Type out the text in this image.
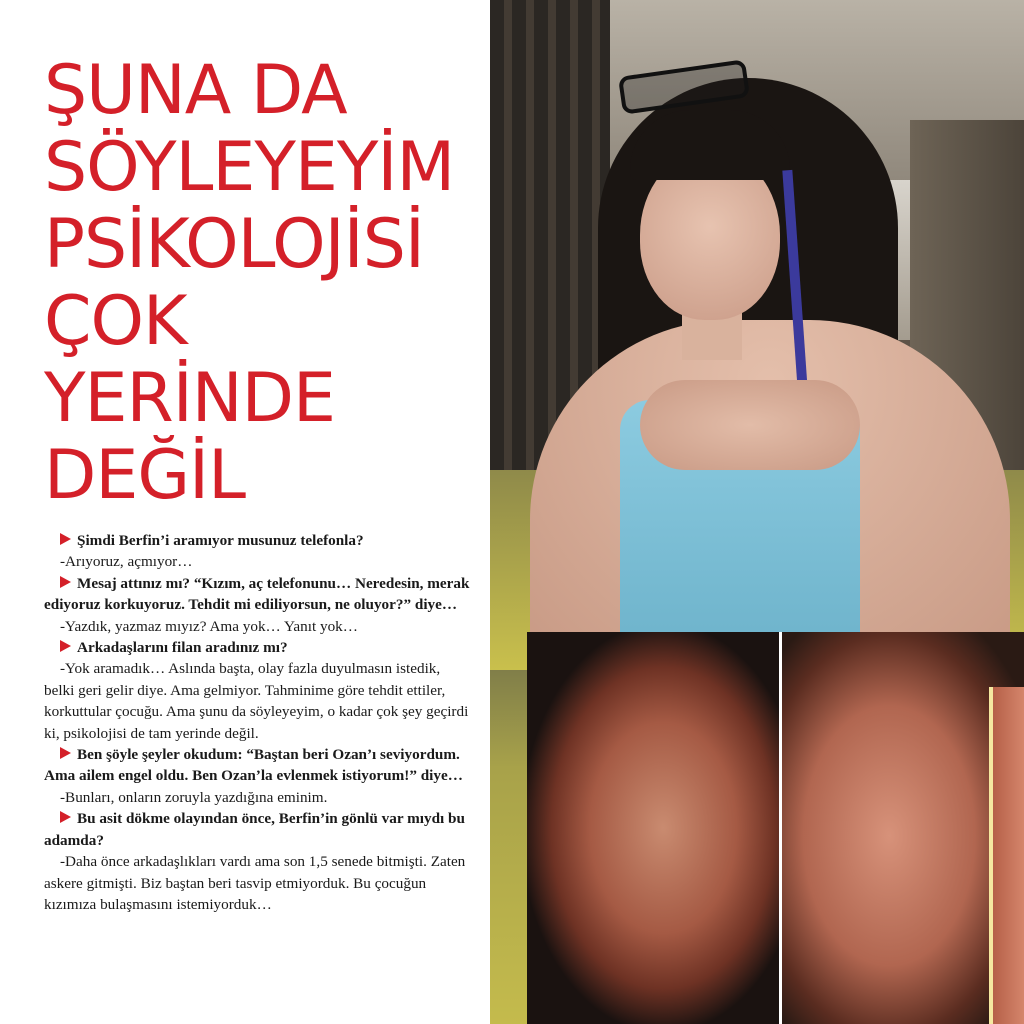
ŞUNA DA
SÖYLEYEYİM
PSİKOLOJİSİ
ÇOK
YERİNDE
DEĞİL

Şimdi Berfin’i aramıyor musunuz telefonla?

-Arıyoruz, açmıyor…

Mesaj attınız mı? “Kızım, aç telefonunu… Neredesin, merak ediyoruz korkuyoruz. Tehdit mi ediliyorsun, ne oluyor?” diye…

-Yazdık, yazmaz mıyız? Ama yok… Yanıt yok…

Arkadaşlarını filan aradınız mı?

-Yok aramadık… Aslında başta, olay fazla duyulmasın istedik, belki geri gelir diye. Ama gelmiyor. Tahminime göre tehdit ettiler, korkuttular çocuğu. Ama şunu da söyleyeyim, o kadar çok şey geçirdi ki, psikolojisi de tam yerinde değil.

Ben şöyle şeyler okudum: “Baştan beri Ozan’ı seviyordum. Ama ailem engel oldu. Ben Ozan’la evlenmek istiyorum!” diye…

-Bunları, onların zoruyla yazdığına eminim.

Bu asit dökme olayından önce, Berfin’in gönlü var mıydı bu adamda?

-Daha önce arkadaşlıkları vardı ama son 1,5 senede bitmişti. Zaten askere gitmişti. Biz baştan beri tasvip etmiyorduk. Bu çocuğun kızımıza bulaşmasını istemiyorduk…
